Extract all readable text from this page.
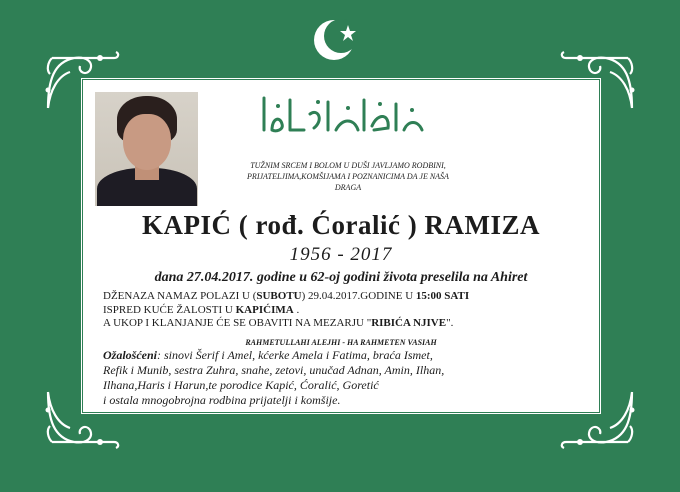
TUŽNIM SRCEM I BOLOM U DUŠI JAVLJAMO RODBINI,
PRIJATELJIMA,KOMŠIJAMA I POZNANICIMA DA JE NAŠA DRAGA
KAPIĆ ( rođ. Ćoralić ) RAMIZA
1956 - 2017
dana 27.04.2017. godine u 62-oj godini života preselila na Ahiret
DŽENAZA NAMAZ POLAZI U (SUBOTU) 29.04.2017.GODINE U 15:00 SATI
ISPRED KUĆE ŽALOSTI U KAPIĆIMA .
A UKOP I KLANJANJE ĆE SE OBAVITI NA MEZARJU "RIBIĆA NJIVE".
RAHMETULLAHI ALEJHI - HA RAHMETEN VASIAH
Ožalošćeni: sinovi Šerif i Amel, kćerke Amela i Fatima, braća Ismet,
Refik i Munib, sestra Zuhra, snahe, zetovi, unučad Adnan, Amin, Ilhan,
Ilhana,Haris i Harun,te porodice Kapić, Ćoralić, Goretić
i ostala mnogobrojna rodbina prijatelji i komšije.
